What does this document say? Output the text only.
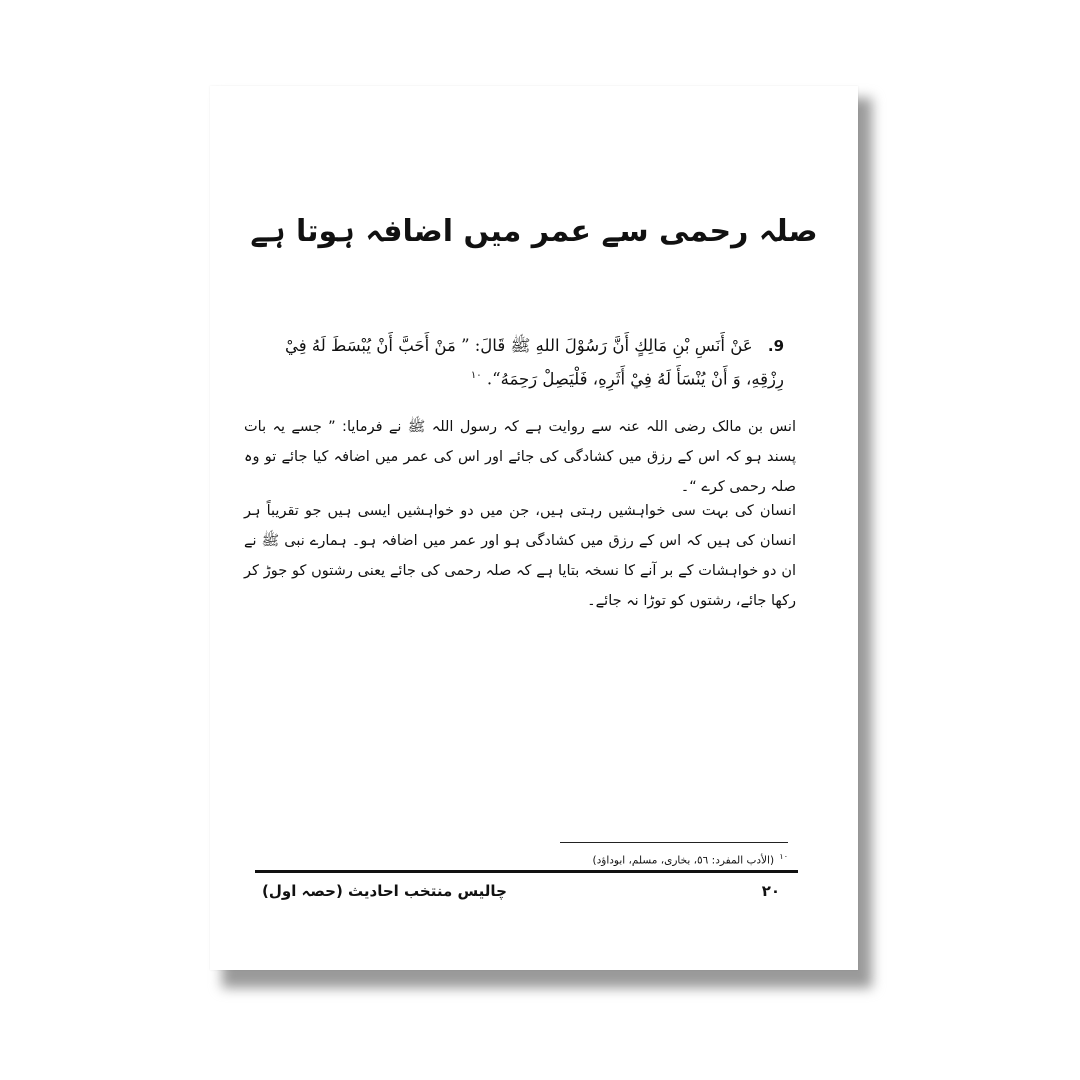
صلہ رحمی سے عمر میں اضافہ ہوتا ہے
9. عَنْ أَنَسِ بْنِ مَالِكٍ أَنَّ رَسُوْلَ اللهِ ﷺ قَالَ: ” مَنْ أَحَبَّ أَنْ يُبْسَطَ لَهُ فِيْ رِزْقِهِ، وَ أَنْ يُنْسَأَ لَهُ فِيْ أَثَرِهِ، فَلْيَصِلْ رَحِمَهُ“. $^{١٠}$
انس بن مالک رضی اللہ عنہ سے روایت ہے کہ رسول اللہ ﷺ نے فرمایا: ” جسے یہ بات پسند ہو کہ اس کے رزق میں کشادگی کی جائے اور اس کی عمر میں اضافہ کیا جائے تو وہ صلہ رحمی کرے “۔
انسان کی بہت سی خواہشیں رہتی ہیں، جن میں دو خواہشیں ایسی ہیں جو تقریباً ہر انسان کی ہیں کہ اس کے رزق میں کشادگی ہو اور عمر میں اضافہ ہو۔ ہمارے نبی ﷺ نے ان دو خواہشات کے بر آنے کا نسخہ بتایا ہے کہ صلہ رحمی کی جائے یعنی رشتوں کو جوڑ کر رکھا جائے، رشتوں کو توڑا نہ جائے۔
$^{١٠}$ (الأدب المفرد: ٥٦، بخاری، مسلم، ابوداؤد)
٢٠
چالیس منتخب احادیث (حصہ اول)
